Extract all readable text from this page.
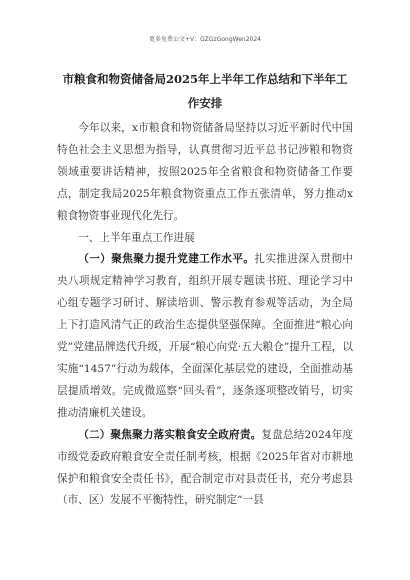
更多免费公文+V：GZGzGongWen2024
市粮食和物资储备局2025年上半年工作总结和下半年工作安排

今年以来，x市粮食和物资储备局坚持以习近平新时代中国特色社会主义思想为指导，认真贯彻习近平总书记涉粮和物资领域重要讲话精神，按照2025年全省粮食和物资储备工作要点，制定我局2025年粮食物资重点工作五张清单，努力推动x粮食物资事业现代化先行。

一、上半年重点工作进展

（一）聚焦聚力提升党建工作水平。扎实推进深入贯彻中央八项规定精神学习教育，组织开展专题读书班、理论学习中心组专题学习研讨、解读培训、警示教育参观等活动，为全局上下打造风清气正的政治生态提供坚强保障。全面推进“粮心向党”党建品牌迭代升级，开展“粮心向党·五大粮仓”提升工程，以实施“1457”行动为载体，全面深化基层党的建设，全面推动基层提质增效。完成微巡察“回头看”，逐条逐项整改销号，切实推动清廉机关建设。

（二）聚焦聚力落实粮食安全政府责。复盘总结2024年度市级党委政府粮食安全责任制考核，根据《2025年省对市耕地保护和粮食安全责任书》，配合制定市对县责任书，充分考虑县（市、区）发展不平衡特性，研究制定“一县
